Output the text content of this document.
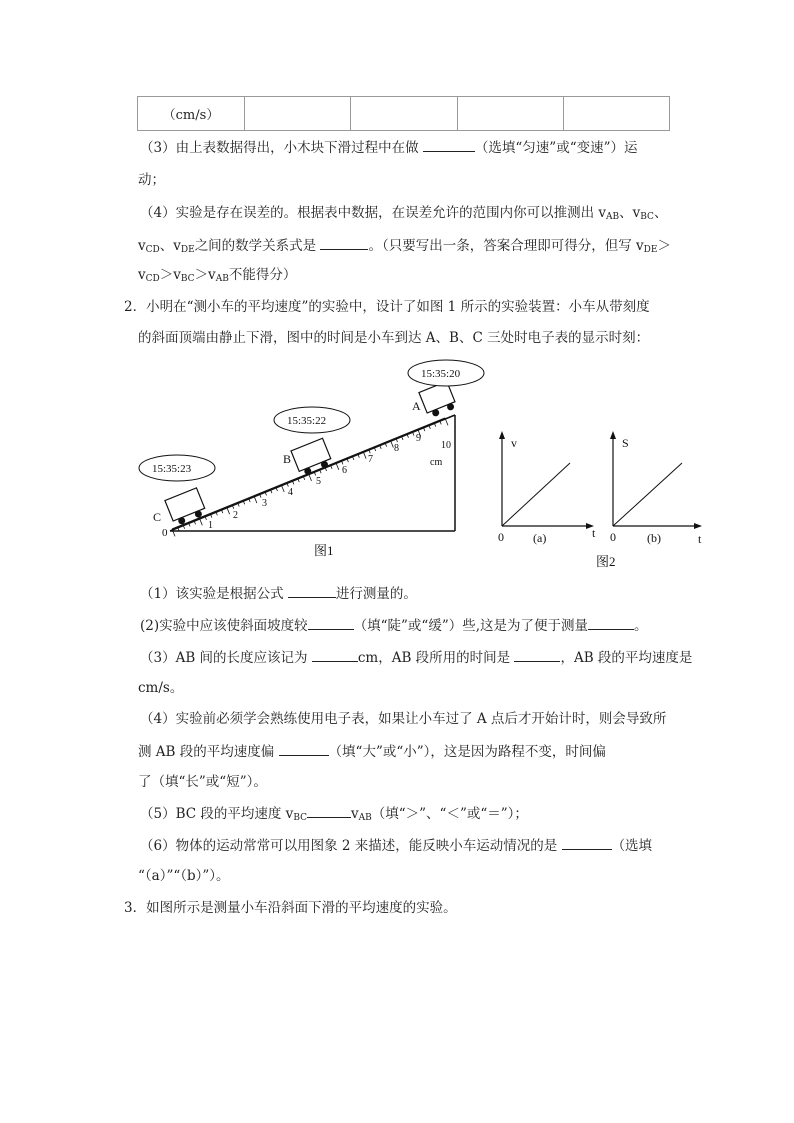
（cm/s）				
（3）由上表数据得出，小木块下滑过程中在做	（选填“匀速”或“变速”）运
动；
（4）实验是存在误差的。根据表中数据，在误差允许的范围内你可以推测出 $v_{AB}$、$v_{BC}$、
$v_{CD}$、$v_{DE}$之间的数学关系式是	。（只要写出一条，答案合理即可得分，但写 $v_{DE}>$
$v_{CD}>v_{BC}>v_{AB}$不能得分）
2．小明在“测小车的平均速度”的实验中，设计了如图 1 所示的实验装置：小车从带刻度
的斜面顶端由静止下滑，图中的时间是小车到达 A、B、C 三处时电子表的显示时刻：
0
1
2
3
4
5
6
7
8
9
10
cm
C
B
A
15:35:23
15:35:22
15:35:20
图1
v
t
0 (a)
S
t
0	(b)
图2
（1）该实验是根据公式	进行测量的。
(2)实验中应该使斜面坡度较	（填“陡”或“缓”）些,这是为了便于测量	。
（3）AB 间的长度应该记为	cm，AB 段所用的时间是	，AB 段的平均速度是
cm/s。
（4）实验前必须学会熟练使用电子表，如果让小车过了 A 点后才开始计时，则会导致所
测 AB 段的平均速度偏	（填“大”或“小”），这是因为路程不变，时间偏
了（填“长”或“短”）。
（5）BC 段的平均速度 $v_{BC}$	$v_{AB}$（填“＞”、“＜”或“＝”）；
（6）物体的运动常常可以用图象 2 来描述，能反映小车运动情况的是	（选填
“（a）”“（b）”）。
3．如图所示是测量小车沿斜面下滑的平均速度的实验。
